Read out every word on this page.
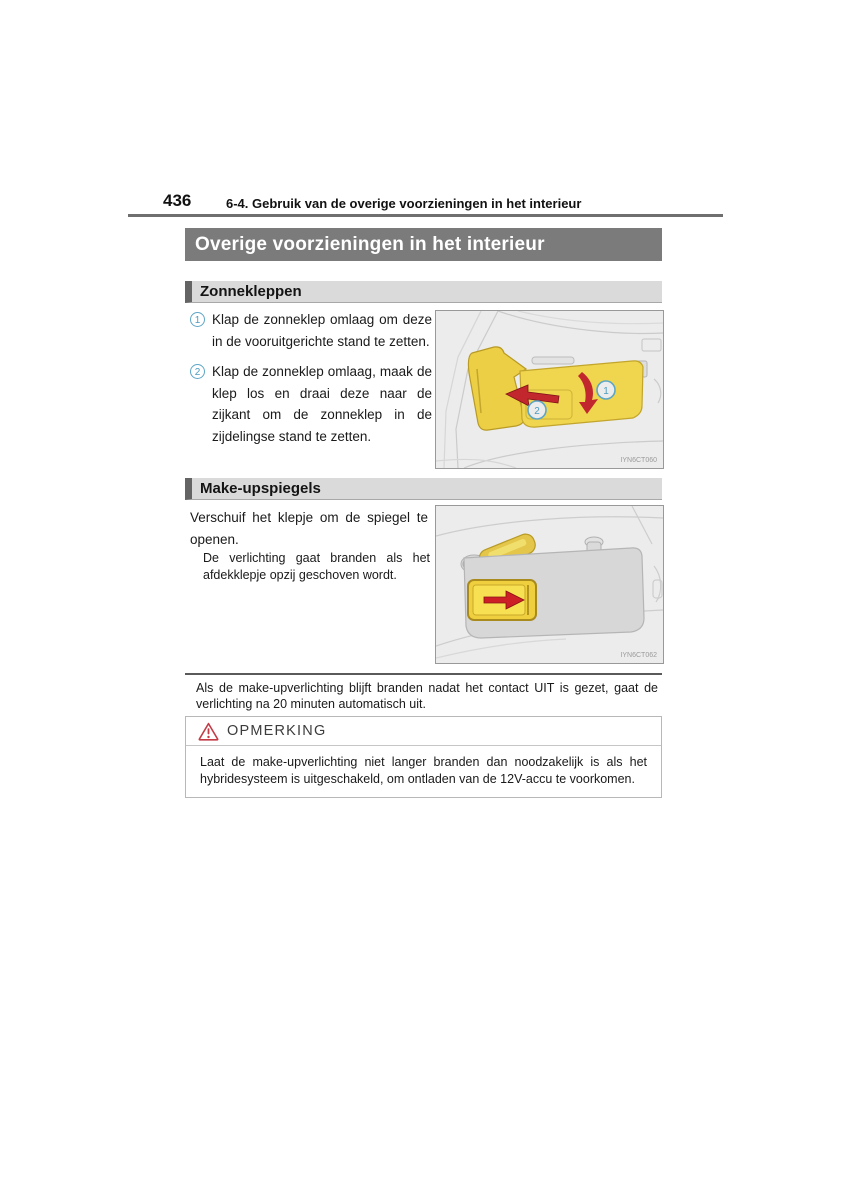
436	6-4. Gebruik van de overige voorzieningen in het interieur
Overige voorzieningen in het interieur
Zonnekleppen
1 Klap de zonneklep omlaag om deze in de vooruitgerichte stand te zetten.
2 Klap de zonneklep omlaag, maak de klep los en draai deze naar de zijkant om de zonneklep in de zijdelingse stand te zetten.
1
2
IYN6CT060
Make-upspiegels
Verschuif het klepje om de spiegel te openen.
De verlichting gaat branden als het afdekklepje opzij geschoven wordt.
IYN6CT062
Als de make-upverlichting blijft branden nadat het contact UIT is gezet, gaat de verlichting na 20 minuten automatisch uit.
OPMERKING
Laat de make-upverlichting niet langer branden dan noodzakelijk is als het hybridesysteem is uitgeschakeld, om ontladen van de 12V-accu te voorkomen.
